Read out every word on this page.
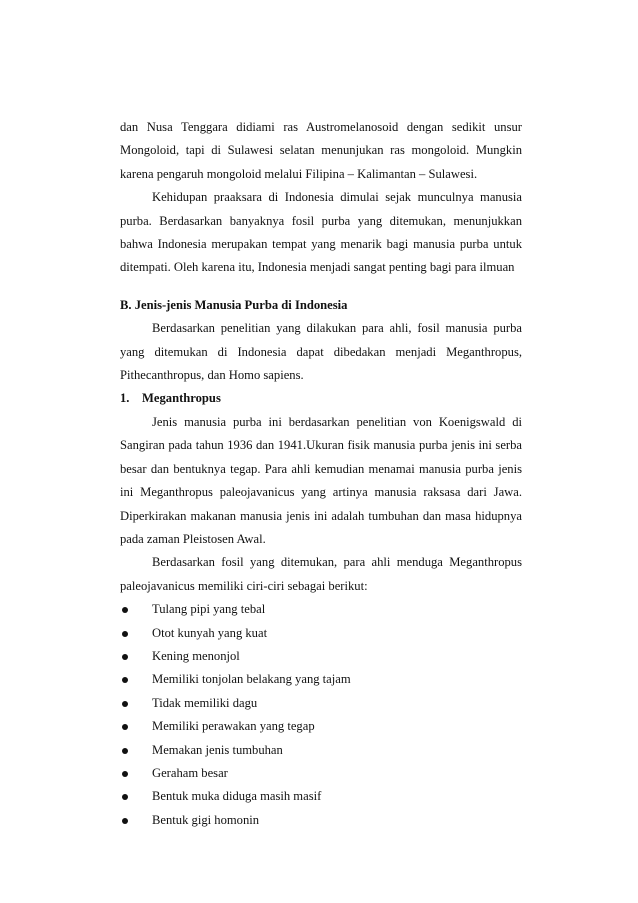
dan Nusa Tenggara didiami ras Austromelanosoid dengan sedikit unsur Mongoloid, tapi di Sulawesi selatan menunjukan ras mongoloid. Mungkin karena pengaruh mongoloid melalui Filipina – Kalimantan – Sulawesi.

Kehidupan praaksara di Indonesia dimulai sejak munculnya manusia purba. Berdasarkan banyaknya fosil purba yang ditemukan, menunjukkan bahwa Indonesia merupakan tempat yang menarik bagi manusia purba untuk ditempati. Oleh karena itu, Indonesia menjadi sangat penting bagi para ilmuan

B. Jenis-jenis Manusia Purba di Indonesia

Berdasarkan penelitian yang dilakukan para ahli, fosil manusia purba yang ditemukan di Indonesia dapat dibedakan menjadi Meganthropus, Pithecanthropus, dan Homo sapiens.

1. Meganthropus

Jenis manusia purba ini berdasarkan penelitian von Koenigswald di Sangiran pada tahun 1936 dan 1941.Ukuran fisik manusia purba jenis ini serba besar dan bentuknya tegap. Para ahli kemudian menamai manusia purba jenis ini Meganthropus paleojavanicus yang artinya manusia raksasa dari Jawa. Diperkirakan makanan manusia jenis ini adalah tumbuhan dan masa hidupnya pada zaman Pleistosen Awal.

Berdasarkan fosil yang ditemukan, para ahli menduga Meganthropus paleojavanicus memiliki ciri-ciri sebagai berikut:

Tulang pipi yang tebal
Otot kunyah yang kuat
Kening menonjol
Memiliki tonjolan belakang yang tajam
Tidak memiliki dagu
Memiliki perawakan yang tegap
Memakan jenis tumbuhan
Geraham besar
Bentuk muka diduga masih masif
Bentuk gigi homonin
